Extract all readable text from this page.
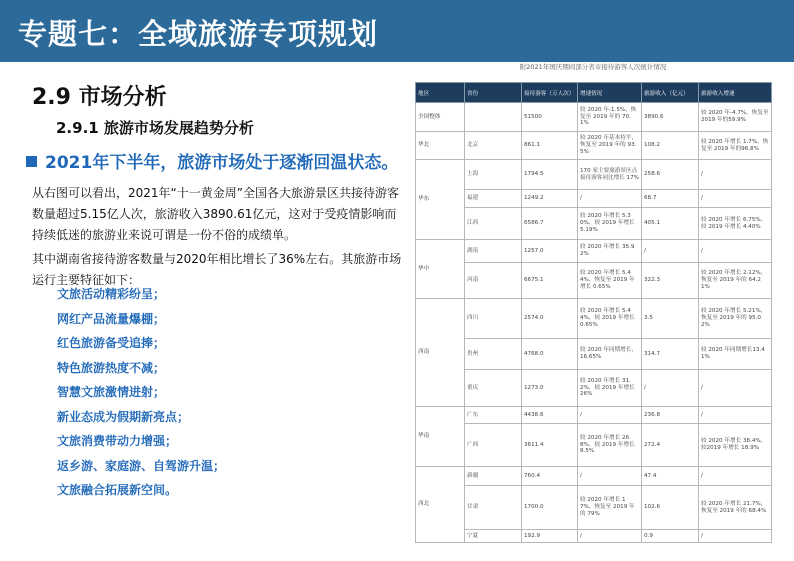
专题七：全域旅游专项规划
2.9 市场分析
2.9.1 旅游市场发展趋势分析
2021年下半年，旅游市场处于逐渐回温状态。

从右图可以看出，2021年“十一黄金周”全国各大旅游景区共接待游客数量超过5.15亿人次，旅游收入3890.61亿元，这对于受疫情影响而持续低迷的旅游业来说可谓是一份不俗的成绩单。

其中湖南省接待游客数量与2020年相比增长了36%左右。其旅游市场运行主要特征如下：

文旅活动精彩纷呈；
网红产品流量爆棚；
红色旅游备受追捧；
特色旅游热度不减；
智慧文旅激情进射；
新业态成为假期新亮点；
文旅消费带动力增强；
返乡游、家庭游、自驾游升温；
文旅融合拓展新空间。
附2021年国庆期间部分省市接待游客人次统计情况
地区	省份	接待游客（万人次）	增速情况	旅游收入（亿元）	旅游收入增速
全国整体		51500	较 2020 年-1.5%，恢复至 2019 年的 70.1%	3890.6	较 2020 年-4.7%，恢复至 2019 年的59.9%
华北	北京	861.1	较 2020 年基本持平，恢复至 2019 年的 93.5%	108.2	较 2020 年增长 1.7%，恢复至 2019 年的96.8%
华东	上海	1794.5	170 家主要旅游景区点接待游客同比增长 17%	258.6	/
	福建	1249.2	/	68.7	/
	江西	6586.7	较 2020 年增长 5.30%，较 2019 年增长 5.19%	405.1	较 2020 年增长 6.75%，较 2019 年增长 4.40%
华中	湖南	1257.0	较 2020 年增长 35.92%	/	/
	河南	6675.1	较 2020 年增长 5.44%，恢复至 2019 年增长 0.65%	322.3	较 2020 年增长 2.12%，恢复至 2019 年的 64.21%
西南	四川	2574.0	较 2020 年增长 5.44%，较 2019 年增长 0.65%	3.5	较 2020 年增长 5.21%，恢复至 2019 年的 95.02%
	贵州	4768.0	较 2020 年同期增长，16.65%	314.7	较 2020 年同期增长13.41%
	重庆	1273.0	较 2020 年增长 31.2%，较 2019 年增长 26%	/	/
华南	广东	4438.6	/	236.8	/
	广西	3611.4	较 2020 年增长 26.8%，较 2019 年增长 8.5%	272.4	较 2020 年增长 38.4%，较2019 年增长 18.9%
西北	新疆	760.4	/	47.4	/
	甘肃	1700.0	较 2020 年增长 17%，恢复至 2019 年的 79%	102.6	较 2020 年增长 21.7%，恢复至 2019 年的 68.4%
	宁夏	192.9	/	0.9	/
